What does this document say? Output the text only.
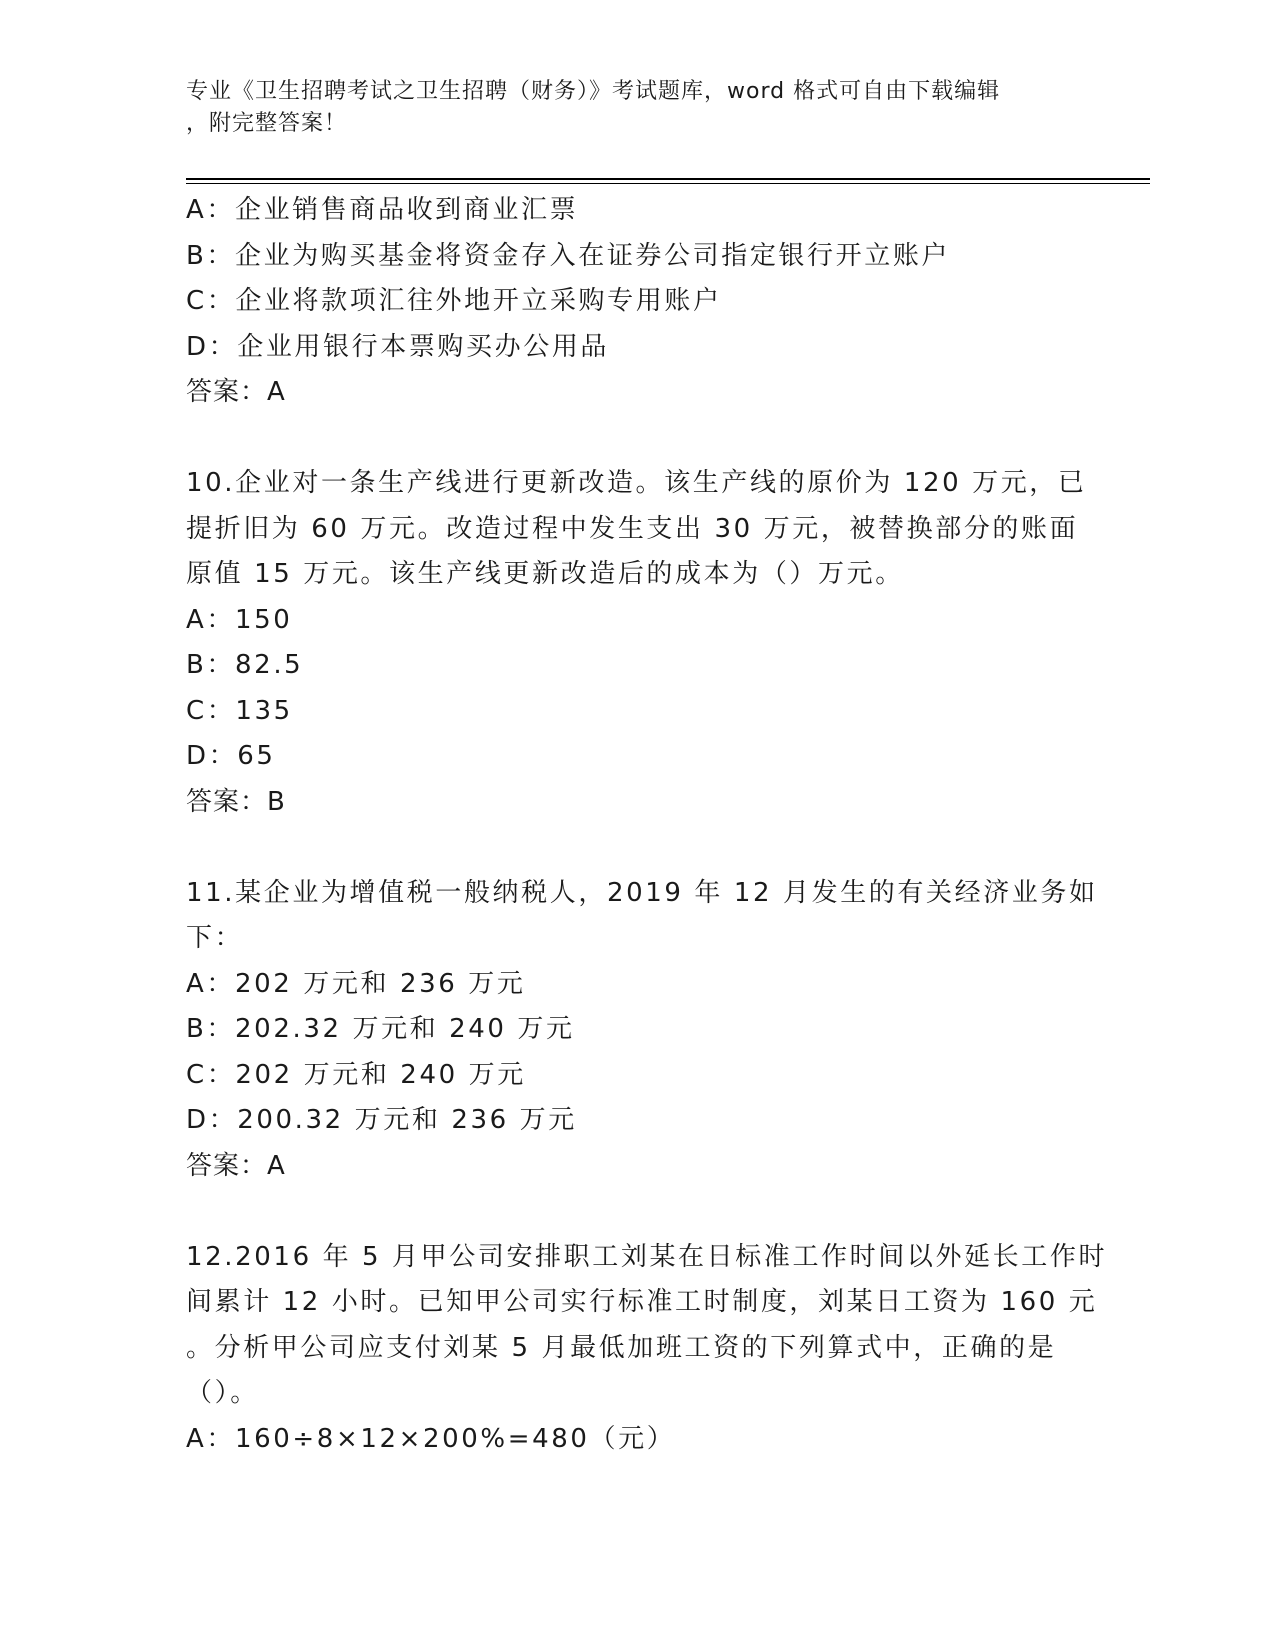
专业《卫生招聘考试之卫生招聘（财务）》考试题库，word 格式可自由下载编辑
，附完整答案！
A：企业销售商品收到商业汇票
B：企业为购买基金将资金存入在证券公司指定银行开立账户
C：企业将款项汇往外地开立采购专用账户
D：企业用银行本票购买办公用品
答案：A
10.企业对一条生产线进行更新改造。该生产线的原价为 120 万元，已
提折旧为 60 万元。改造过程中发生支出 30 万元，被替换部分的账面
原值 15 万元。该生产线更新改造后的成本为（）万元。
A：150
B：82.5
C：135
D：65
答案：B
11.某企业为增值税一般纳税人，2019 年 12 月发生的有关经济业务如
下：
A：202 万元和 236 万元
B：202.32 万元和 240 万元
C：202 万元和 240 万元
D：200.32 万元和 236 万元
答案：A
12.2016 年 5 月甲公司安排职工刘某在日标准工作时间以外延长工作时
间累计 12 小时。已知甲公司实行标准工时制度，刘某日工资为 160 元
。分析甲公司应支付刘某 5 月最低加班工资的下列算式中，正确的是
（）。
A：160÷8×12×200%=480（元）
